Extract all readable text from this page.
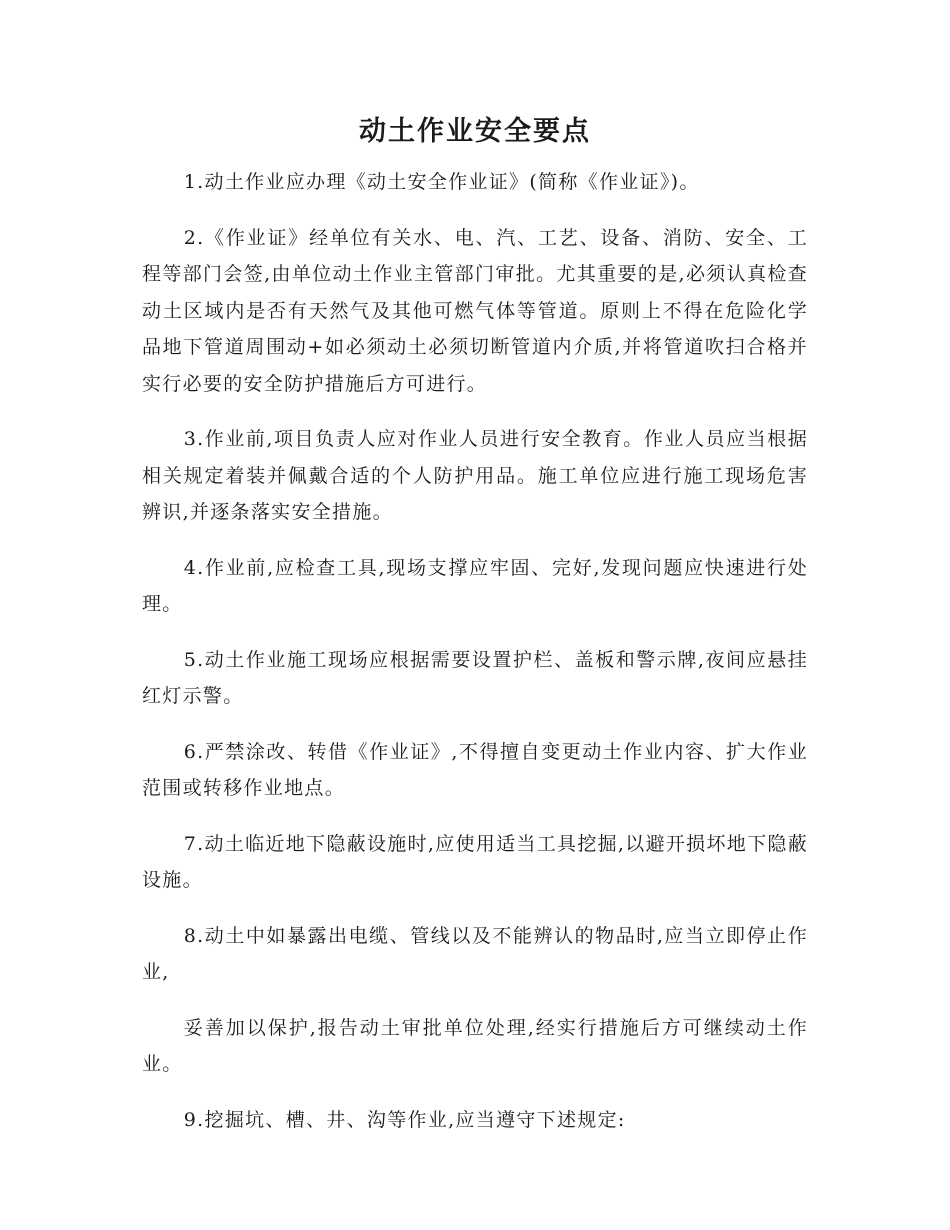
动土作业安全要点

1.动土作业应办理《动土安全作业证》(简称《作业证》)。

2.《作业证》经单位有关水、电、汽、工艺、设备、消防、安全、工程等部门会签,由单位动土作业主管部门审批。尤其重要的是,必须认真检查动土区域内是否有天然气及其他可燃气体等管道。原则上不得在危险化学品地下管道周围动+如必须动土必须切断管道内介质,并将管道吹扫合格并实行必要的安全防护措施后方可进行。

3.作业前,项目负责人应对作业人员进行安全教育。作业人员应当根据相关规定着装并佩戴合适的个人防护用品。施工单位应进行施工现场危害辨识,并逐条落实安全措施。

4.作业前,应检查工具,现场支撑应牢固、完好,发现问题应快速进行处理。

5.动土作业施工现场应根据需要设置护栏、盖板和警示牌,夜间应悬挂红灯示警。

6.严禁涂改、转借《作业证》,不得擅自变更动土作业内容、扩大作业范围或转移作业地点。

7.动土临近地下隐蔽设施时,应使用适当工具挖掘,以避开损坏地下隐蔽设施。

8.动土中如暴露出电缆、管线以及不能辨认的物品时,应当立即停止作业,

妥善加以保护,报告动土审批单位处理,经实行措施后方可继续动土作业。

9.挖掘坑、槽、井、沟等作业,应当遵守下述规定:
